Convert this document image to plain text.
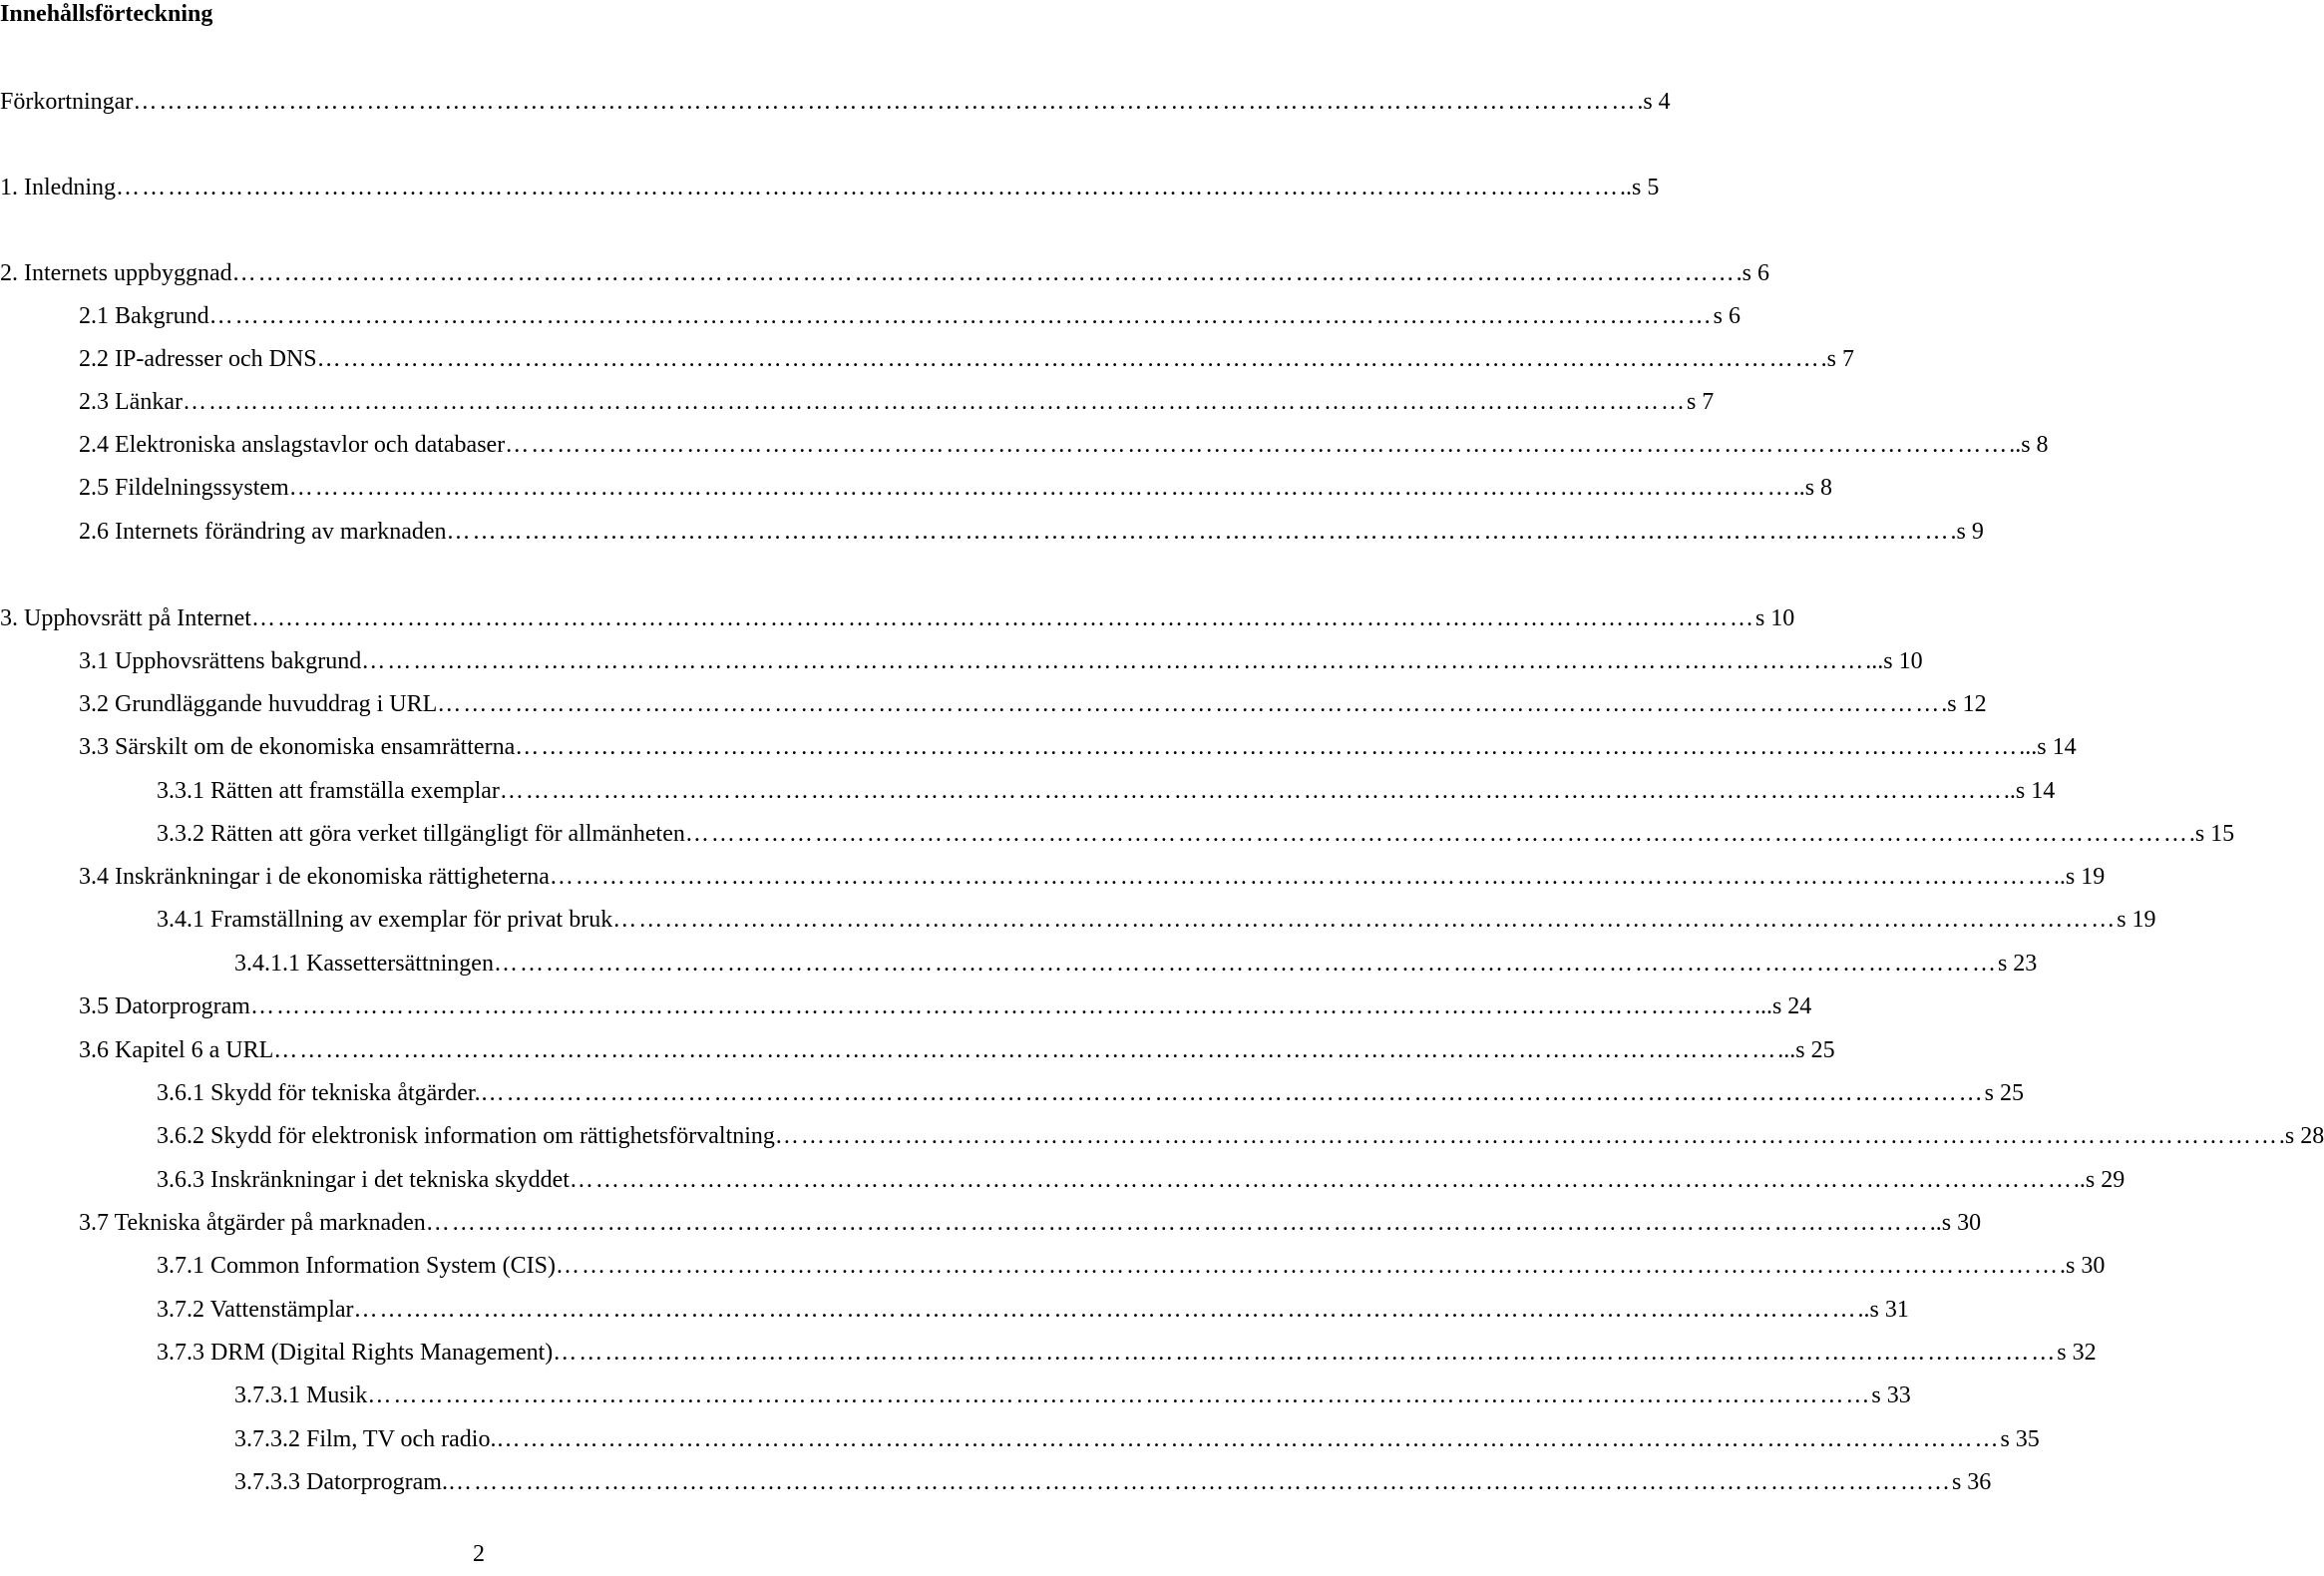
Innehållsförteckning
Förkortningar ………………………………………………………………………………………………………………………………………………………… .s 4
1. Inledning ………………………………………………………………………………………………………………………………………………………… ..s 5
2. Internets uppbyggnad ………………………………………………………………………………………………………………………………………………………… .s 6
2.1 Bakgrund ………………………………………………………………………………………………………………………………………………………… s 6
2.2 IP-adresser och DNS ………………………………………………………………………………………………………………………………………………………… .s 7
2.3 Länkar ………………………………………………………………………………………………………………………………………………………… s 7
2.4 Elektroniska anslagstavlor och databaser ………………………………………………………………………………………………………………………………………………………… ..s 8
2.5 Fildelningssystem ………………………………………………………………………………………………………………………………………………………… ..s 8
2.6 Internets förändring av marknaden ………………………………………………………………………………………………………………………………………………………… .s 9
3. Upphovsrätt på Internet ………………………………………………………………………………………………………………………………………………………… s 10
3.1 Upphovsrättens bakgrund ………………………………………………………………………………………………………………………………………………………… ...s 10
3.2 Grundläggande huvuddrag i URL ………………………………………………………………………………………………………………………………………………………… .s 12
3.3 Särskilt om de ekonomiska ensamrätterna ………………………………………………………………………………………………………………………………………………………… ...s 14
3.3.1 Rätten att framställa exemplar ………………………………………………………………………………………………………………………………………………………… ..s 14
3.3.2 Rätten att göra verket tillgängligt för allmänheten ………………………………………………………………………………………………………………………………………………………… .s 15
3.4 Inskränkningar i de ekonomiska rättigheterna ………………………………………………………………………………………………………………………………………………………… ..s 19
3.4.1 Framställning av exemplar för privat bruk ………………………………………………………………………………………………………………………………………………………… s 19
3.4.1.1 Kassettersättningen ………………………………………………………………………………………………………………………………………………………… s 23
3.5 Datorprogram ………………………………………………………………………………………………………………………………………………………… ...s 24
3.6 Kapitel 6 a URL ………………………………………………………………………………………………………………………………………………………… ...s 25
3.6.1 Skydd för tekniska åtgärder. ………………………………………………………………………………………………………………………………………………………… s 25
3.6.2 Skydd för elektronisk information om rättighetsförvaltning ………………………………………………………………………………………………………………………………………………………… .s 28
3.6.3 Inskränkningar i det tekniska skyddet ………………………………………………………………………………………………………………………………………………………… ..s 29
3.7 Tekniska åtgärder på marknaden ………………………………………………………………………………………………………………………………………………………… ..s 30
3.7.1 Common Information System (CIS) ………………………………………………………………………………………………………………………………………………………… .s 30
3.7.2 Vattenstämplar ………………………………………………………………………………………………………………………………………………………… ..s 31
3.7.3 DRM (Digital Rights Management) ………………………………………………………………………………………………………………………………………………………… s 32
3.7.3.1 Musik ………………………………………………………………………………………………………………………………………………………… s 33
3.7.3.2 Film, TV och radio. ………………………………………………………………………………………………………………………………………………………… s 35
3.7.3.3 Datorprogram. ………………………………………………………………………………………………………………………………………………………… s 36
2
